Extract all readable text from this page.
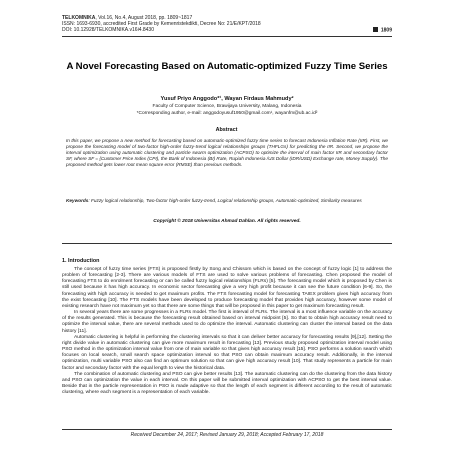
TELKOMNIKA, Vol.16, No.4, August 2018, pp. 1809~1817
ISSN: 1693-6930, accredited First Grade by Kemenristekdikti, Decree No: 21/E/KPT/2018
DOI: 10.12928/TELKOMNIKA.v16i4.8430	1809
A Novel Forecasting Based on Automatic-optimized Fuzzy Time Series
Yusuf Priyo Anggodo*¹, Wayan Firdaus Mahmudy²
Faculty of Computer Science, Brawijaya University, Malang, Indonesia
*Corresponding author, e-mail: anggodoyusuf1950@gmail.com¹, wayanfm@ub.ac.id²
Abstract
In this paper, we propose a new method for forecasting based on automatic-optimized fuzzy time series to forecast Indonesia Inflation Rate (IIR). First, we propose the forecasting model of two-factor high-order fuzzy-trend logical relationships groups (THFLGs) for predicting the IIR. Second, we propose the interval optimization using automatic clustering and particle swarm optimization (ACPSO) to optimize the interval of main factor IIR and secondary factor SF, where SF = {Customer Price Index (CPI), the Bank of Indonesia (BI) Rate, Rupiah Indonesia /US Dollar (IDR/USD) Exchange rate, Money Supply}. The proposed method gets lower root mean square error (RMSE) than previous methods.
Keywords: Fuzzy logical relationship, Two-factor high-order fuzzy-trend, Logical relationship groups, Automatic-optimized, Similarity measures
Copyright © 2018 Universitas Ahmad Dahlan. All rights reserved.
1. Introduction

The concept of fuzzy time series (FTS) is proposed firstly by Song and Chissom which is based on the concept of fuzzy logic [1] to address the problem of forecasting [2-3]. There are various models of FTS are used to solve various problems of forecasting. Chen proposed the model of forecasting FTS to do enrolment forecasting or can be called fuzzy logical relationships (FLRs) [5]. The forecasting model which is proposed by Chen is still used because it has high accuracy. In economic sector forecasting give a very high profit because it can see the future condition [6-9]. So, the forecasting with high accuracy is needed to get maximum profits. The FTS forecasting model for forecasting TAIEX problem gives high accuracy from the exist forecasting [10]. The FTS models have been developed to produce forecasting model that provides high accuracy, however some model of existing research have not maximum yet so that there are some things that will be proposed in this paper to get maximum forecasting result.

In several years there are some progresses in a FLRs model. The first is interval of FLRs. The interval is a most influence variable on the accuracy of the results generated. This is because the forecasting result obtained based on interval midpoint [5]. So that to obtain high accuracy result need to optimize the interval value, there are several methods used to do optimize the interval. Automatic clustering can cluster the interval based on the data history [11].

Automatic clustering is helpful in performing the clustering intervals so that it can deliver better accuracy for forecasting results [9],[12]. Setting the right divide value in automatic clustering can give more maximum result in forecasting [13]. Previous study proposed optimization interval model using PSO method in the optimization interval value from one of main variable so that gives high accuracy result [15]. PSO performs a solution search which focuses on local search, small search space optimization interval so that PSO can obtain maximum accuracy result. Additionally, in the interval optimization, multi variable PSO also can find an optimum solution so that can give high accuracy result [10]. That study represents a particle for main factor and secondary factor with the equal length to view the historical data.

The combination of automatic clustering and PSO can give better results [13]. The automatic clustering can do the clustering from the data history and PSO can optimization the value in each interval. On this paper will be submitted interval optimization with ACPSO to get the best interval value. Beside that in the particle representation in PSO is made adaptive so that the length of each segment is different according to the result of automatic clustering, where each segment is a representation of each variable.

Received December 24, 2017; Revised January 29, 2018; Accepted February 17, 2018
